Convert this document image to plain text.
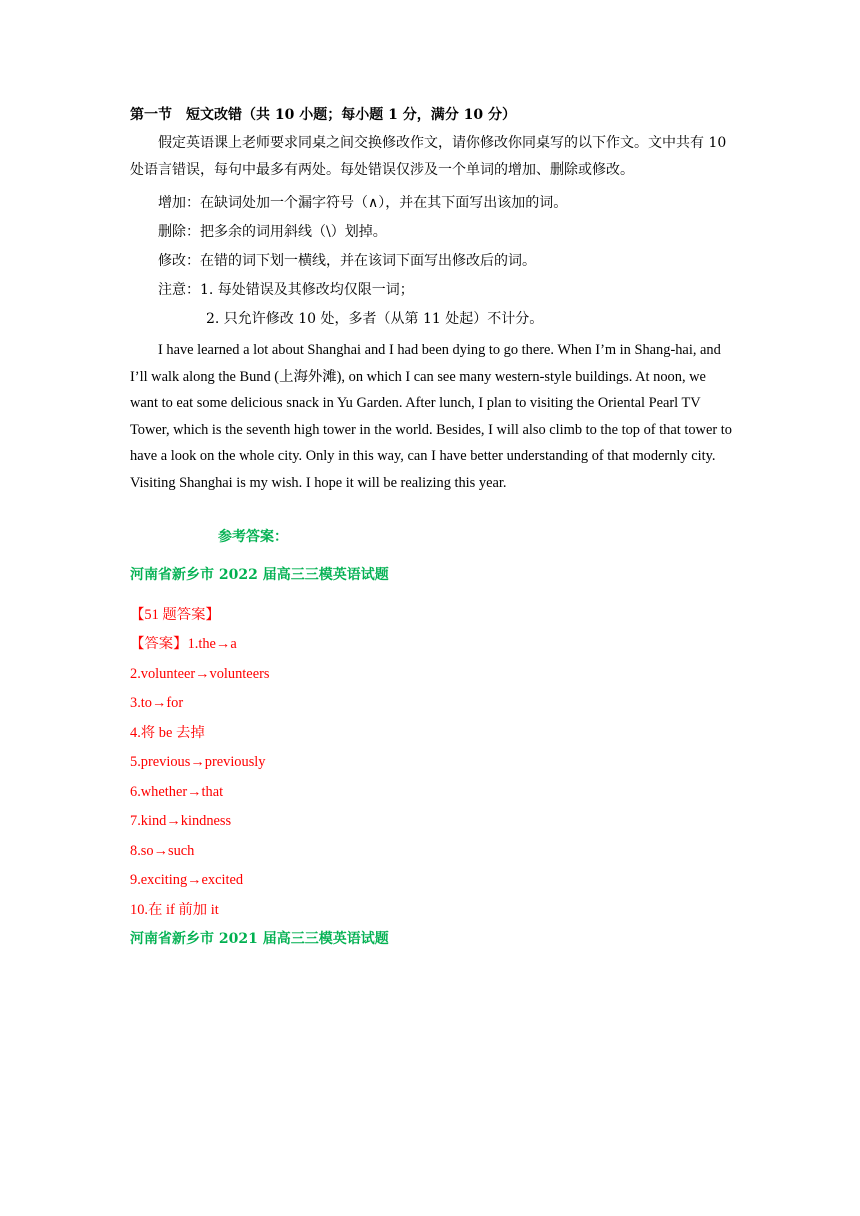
第一节　短文改错（共 10 小题；每小题 1 分，满分 10 分）
假定英语课上老师要求同桌之间交换修改作文，请你修改你同桌写的以下作文。文中共有 10 处语言错误，每句中最多有两处。每处错误仅涉及一个单词的增加、删除或修改。
增加：在缺词处加一个漏字符号（∧），并在其下面写出该加的词。
删除：把多余的词用斜线（\）划掉。
修改：在错的词下划一横线，并在该词下面写出修改后的词。
注意：1. 每处错误及其修改均仅限一词；
2. 只允许修改 10 处，多者（从第 11 处起）不计分。
I have learned a lot about Shanghai and I had been dying to go there. When I’m in Shang-hai, and I’ll walk along the Bund (上海外滩), on which I can see many western-style buildings. At noon, we want to eat some delicious snack in Yu Garden. After lunch, I plan to visiting the Oriental Pearl TV Tower, which is the seventh high tower in the world. Besides, I will also climb to the top of that tower to have a look on the whole city. Only in this way, can I have better understanding of that modernly city. Visiting Shanghai is my wish. I hope it will be realizing this year.
参考答案：
河南省新乡市 2022 届高三三模英语试题
【51 题答案】
【答案】1.the→a
2.volunteer→volunteers
3.to→for
4.将 be 去掉
5.previous→previously
6.whether→that
7.kind→kindness
8.so→such
9.exciting→excited
10.在 if 前加 it
河南省新乡市 2021 届高三三模英语试题
